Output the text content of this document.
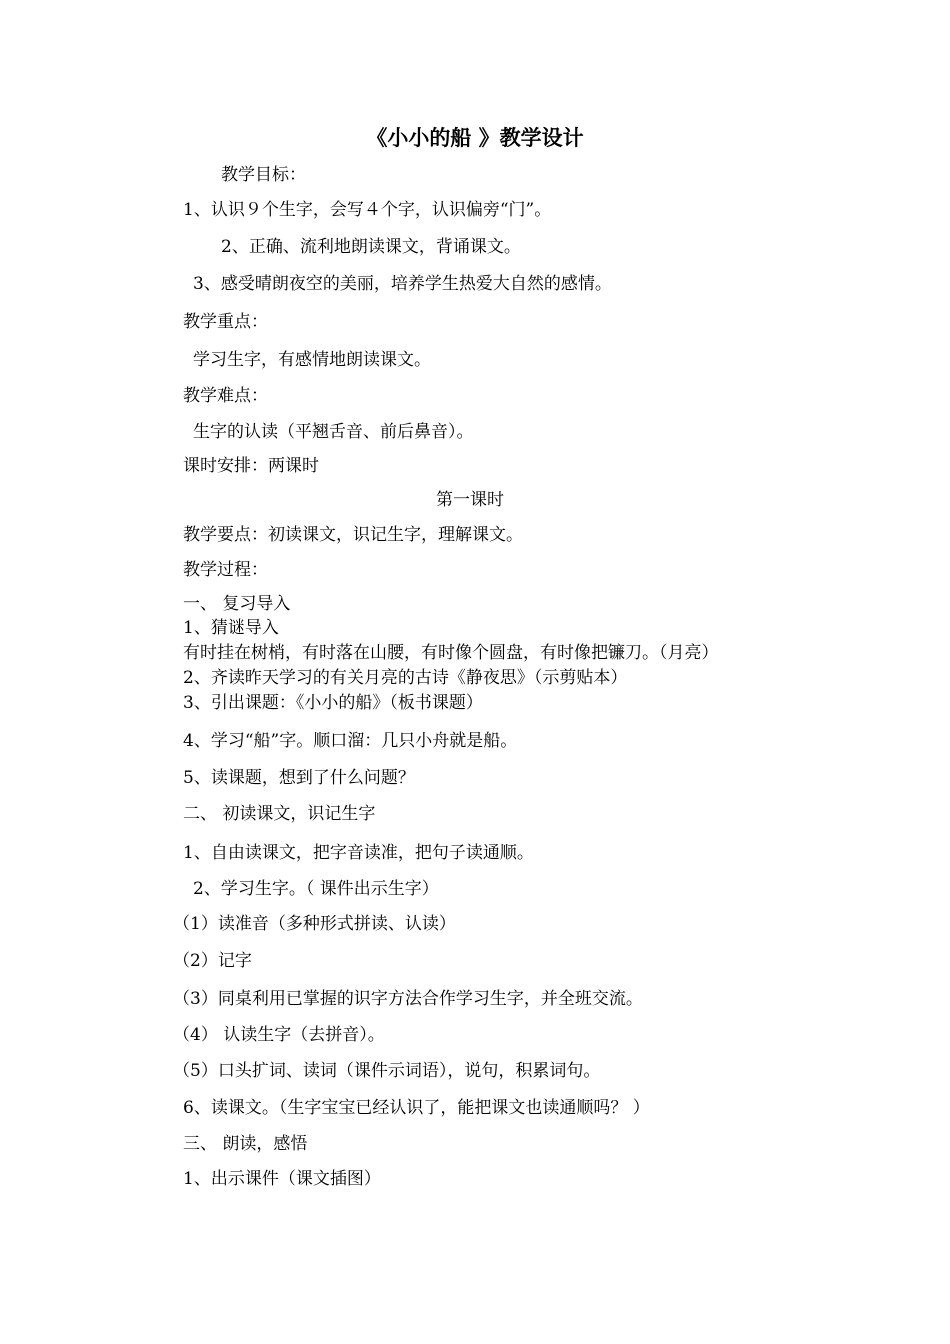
《小小的船 》教学设计
教学目标：
1、认识９个生字，会写４个字，认识偏旁“门”。
2、正确、流利地朗读课文，背诵课文。
3、感受晴朗夜空的美丽，培养学生热爱大自然的感情。
教学重点：
学习生字，有感情地朗读课文。
教学难点：
生字的认读（平翘舌音、前后鼻音）。
课时安排：两课时
第一课时
教学要点：初读课文，识记生字，理解课文。
教学过程：
一、 复习导入
1、猜谜导入
有时挂在树梢，有时落在山腰，有时像个圆盘，有时像把镰刀。（月亮）
2、齐读昨天学习的有关月亮的古诗《静夜思》（示剪贴本）
3、引出课题：《小小的船》（板书课题）
4、学习“船”字。顺口溜：几只小舟就是船。
5、读课题，想到了什么问题？
二、 初读课文，识记生字
1、自由读课文，把字音读准，把句子读通顺。
2、学习生字。（ 课件出示生字）
（1）读准音（多种形式拼读、认读）
（2）记字
（3）同桌利用已掌握的识字方法合作学习生字，并全班交流。
（4） 认读生字（去拼音）。
（5）口头扩词、读词（课件示词语），说句，积累词句。
6、读课文。（生字宝宝已经认识了，能把课文也读通顺吗？ ）
三、 朗读，感悟
1、出示课件（课文插图）
